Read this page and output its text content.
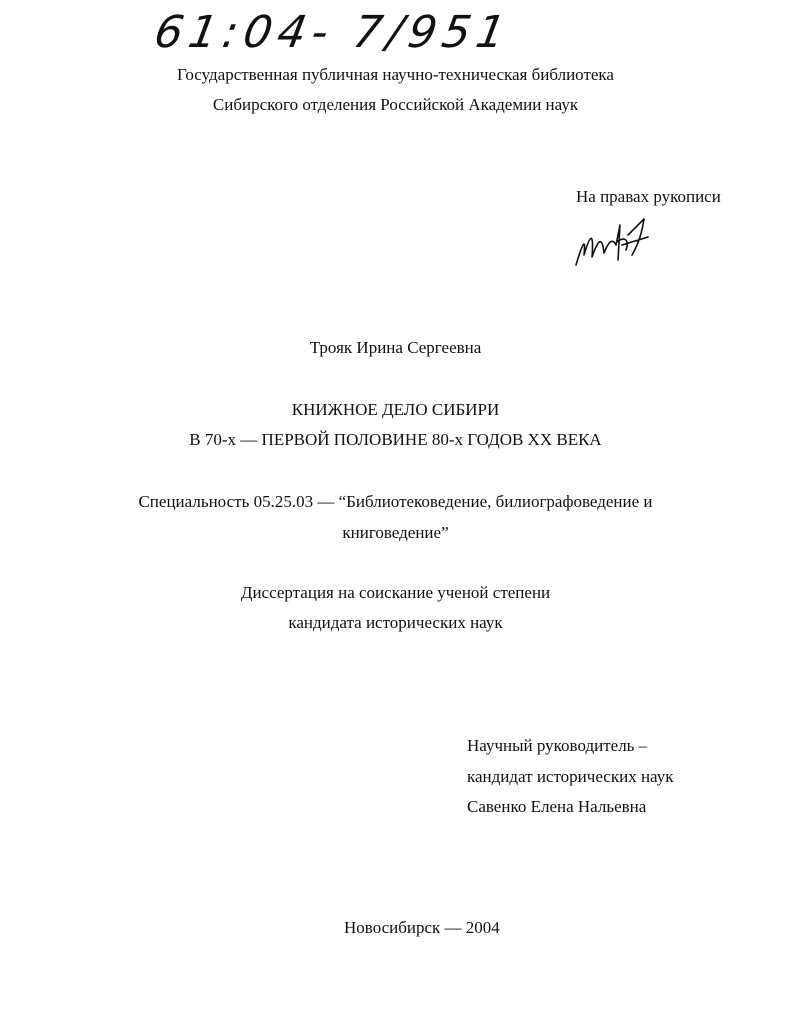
61:04- 7/951
Государственная публичная научно-техническая библиотека
Сибирского отделения Российской Академии наук
На правах рукописи
Трояк Ирина Сергеевна
КНИЖНОЕ ДЕЛО СИБИРИ
В 70-х — ПЕРВОЙ ПОЛОВИНЕ 80-х ГОДОВ XX ВЕКА
Специальность 05.25.03 — “Библиотековедение, билиографоведение и
книговедение”
Диссертация на соискание ученой степени
кандидата исторических наук
Научный руководитель –
кандидат исторических наук
Савенко Елена Нальевна
Новосибирск — 2004
